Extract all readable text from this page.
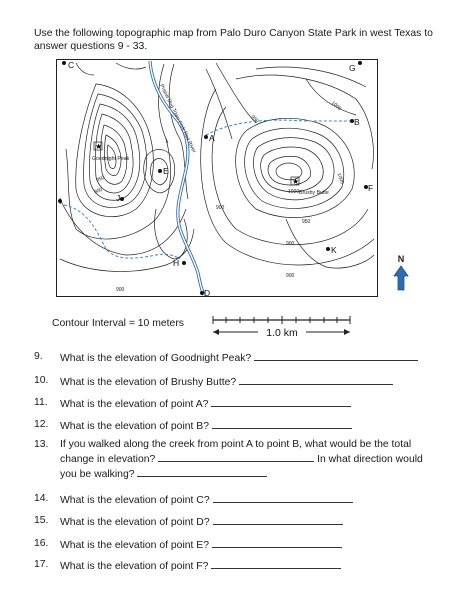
Use the following topographic map from Palo Duro Canyon State Park in west Texas to answer questions 9 - 33.
★
★
C	G
A
B
E
F
I	J
H
D
K
Goodnight Peak
Brushy Butte
Prairie Dog Town Fork Red River	1000
950
900
950
900
900
1000
1000
950
900
900
N
Contour Interval = 10 meters
1.0 km
9.	What is the elevation of Goodnight Peak?
10.	What is the elevation of Brushy Butte?
11.	What is the elevation of point A?
12.	What is the elevation of point B?
13.	If you walked along the creek from point A to point B, what would be the total
change in elevation?	In what direction would
you be walking?
14.	What is the elevation of point C?
15.	What is the elevation of point D?
16.	What is the elevation of point E?
17.	What is the elevation of point F?
